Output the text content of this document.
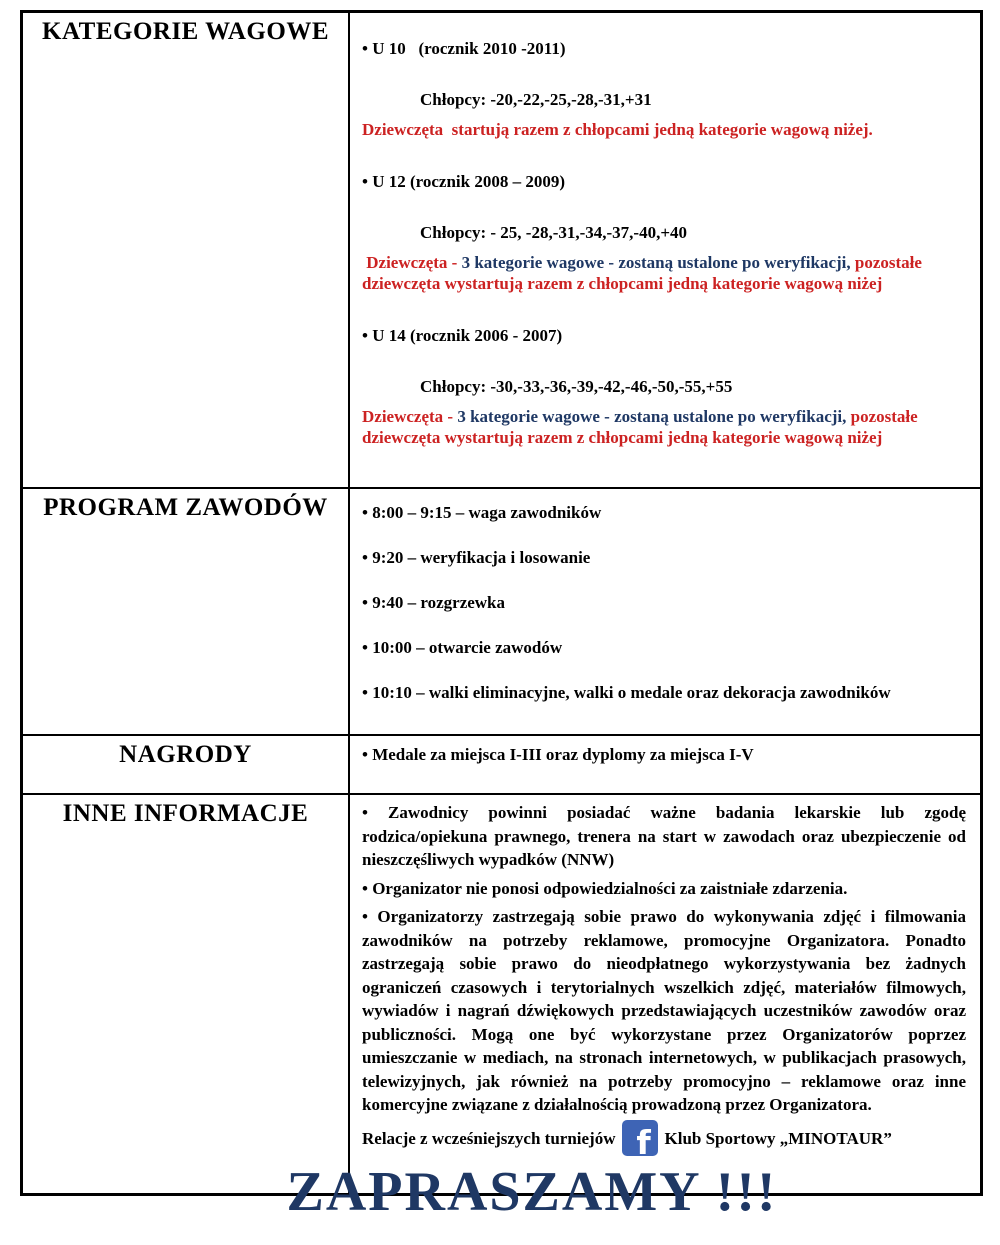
KATEGORIE WAGOWE	

• U 10   (rocznik 2010 -2011)

Chłopcy: -20,-22,-25,-28,-31,+31

Dziewczęta  startują razem z chłopcami jedną kategorie wagową niżej.

• U 12 (rocznik 2008 – 2009)

Chłopcy: - 25, -28,-31,-34,-37,-40,+40

Dziewczęta - 3 kategorie wagowe - zostaną ustalone po weryfikacji, pozostałe dziewczęta wystartują razem z chłopcami jedną kategorie wagową niżej

• U 14 (rocznik 2006 - 2007)

Chłopcy: -30,-33,-36,-39,-42,-46,-50,-55,+55

Dziewczęta - 3 kategorie wagowe - zostaną ustalone po weryfikacji, pozostałe dziewczęta wystartują razem z chłopcami jedną kategorie wagową niżej

PROGRAM ZAWODÓW	• 8:00 – 9:15 – waga zawodników

• 9:20 – weryfikacja i losowanie

• 9:40 – rozgrzewka

• 10:00 – otwarcie zawodów

• 10:10 – walki eliminacyjne, walki o medale oraz dekoracja zawodników

NAGRODY	• Medale za miejsca I-III oraz dyplomy za miejsca I-V

INNE INFORMACJE	• Zawodnicy powinni posiadać ważne badania lekarskie lub zgodę rodzica/opiekuna prawnego, trenera na start w zawodach oraz ubezpieczenie od nieszczęśliwych wypadków (NNW)

• Organizator nie ponosi odpowiedzialności za zaistniałe zdarzenia.

• Organizatorzy zastrzegają sobie prawo do wykonywania zdjęć i filmowania zawodników na potrzeby reklamowe, promocyjne Organizatora. Ponadto zastrzegają sobie prawo do nieodpłatnego wykorzystywania bez żadnych ograniczeń czasowych i terytorialnych wszelkich zdjęć, materiałów filmowych, wywiadów i nagrań dźwiękowych przedstawiających uczestników zawodów oraz publiczności. Mogą one być wykorzystane przez Organizatorów poprzez umieszczanie w mediach, na stronach internetowych, w publikacjach prasowych, telewizyjnych, jak również na potrzeby promocyjno – reklamowe oraz inne komercyjne związane z działalnością prowadzoną przez Organizatora.

Relacje z wcześniejszych turniejów f Klub Sportowy „MINOTAUR”

ZAPRASZAMY !!!
